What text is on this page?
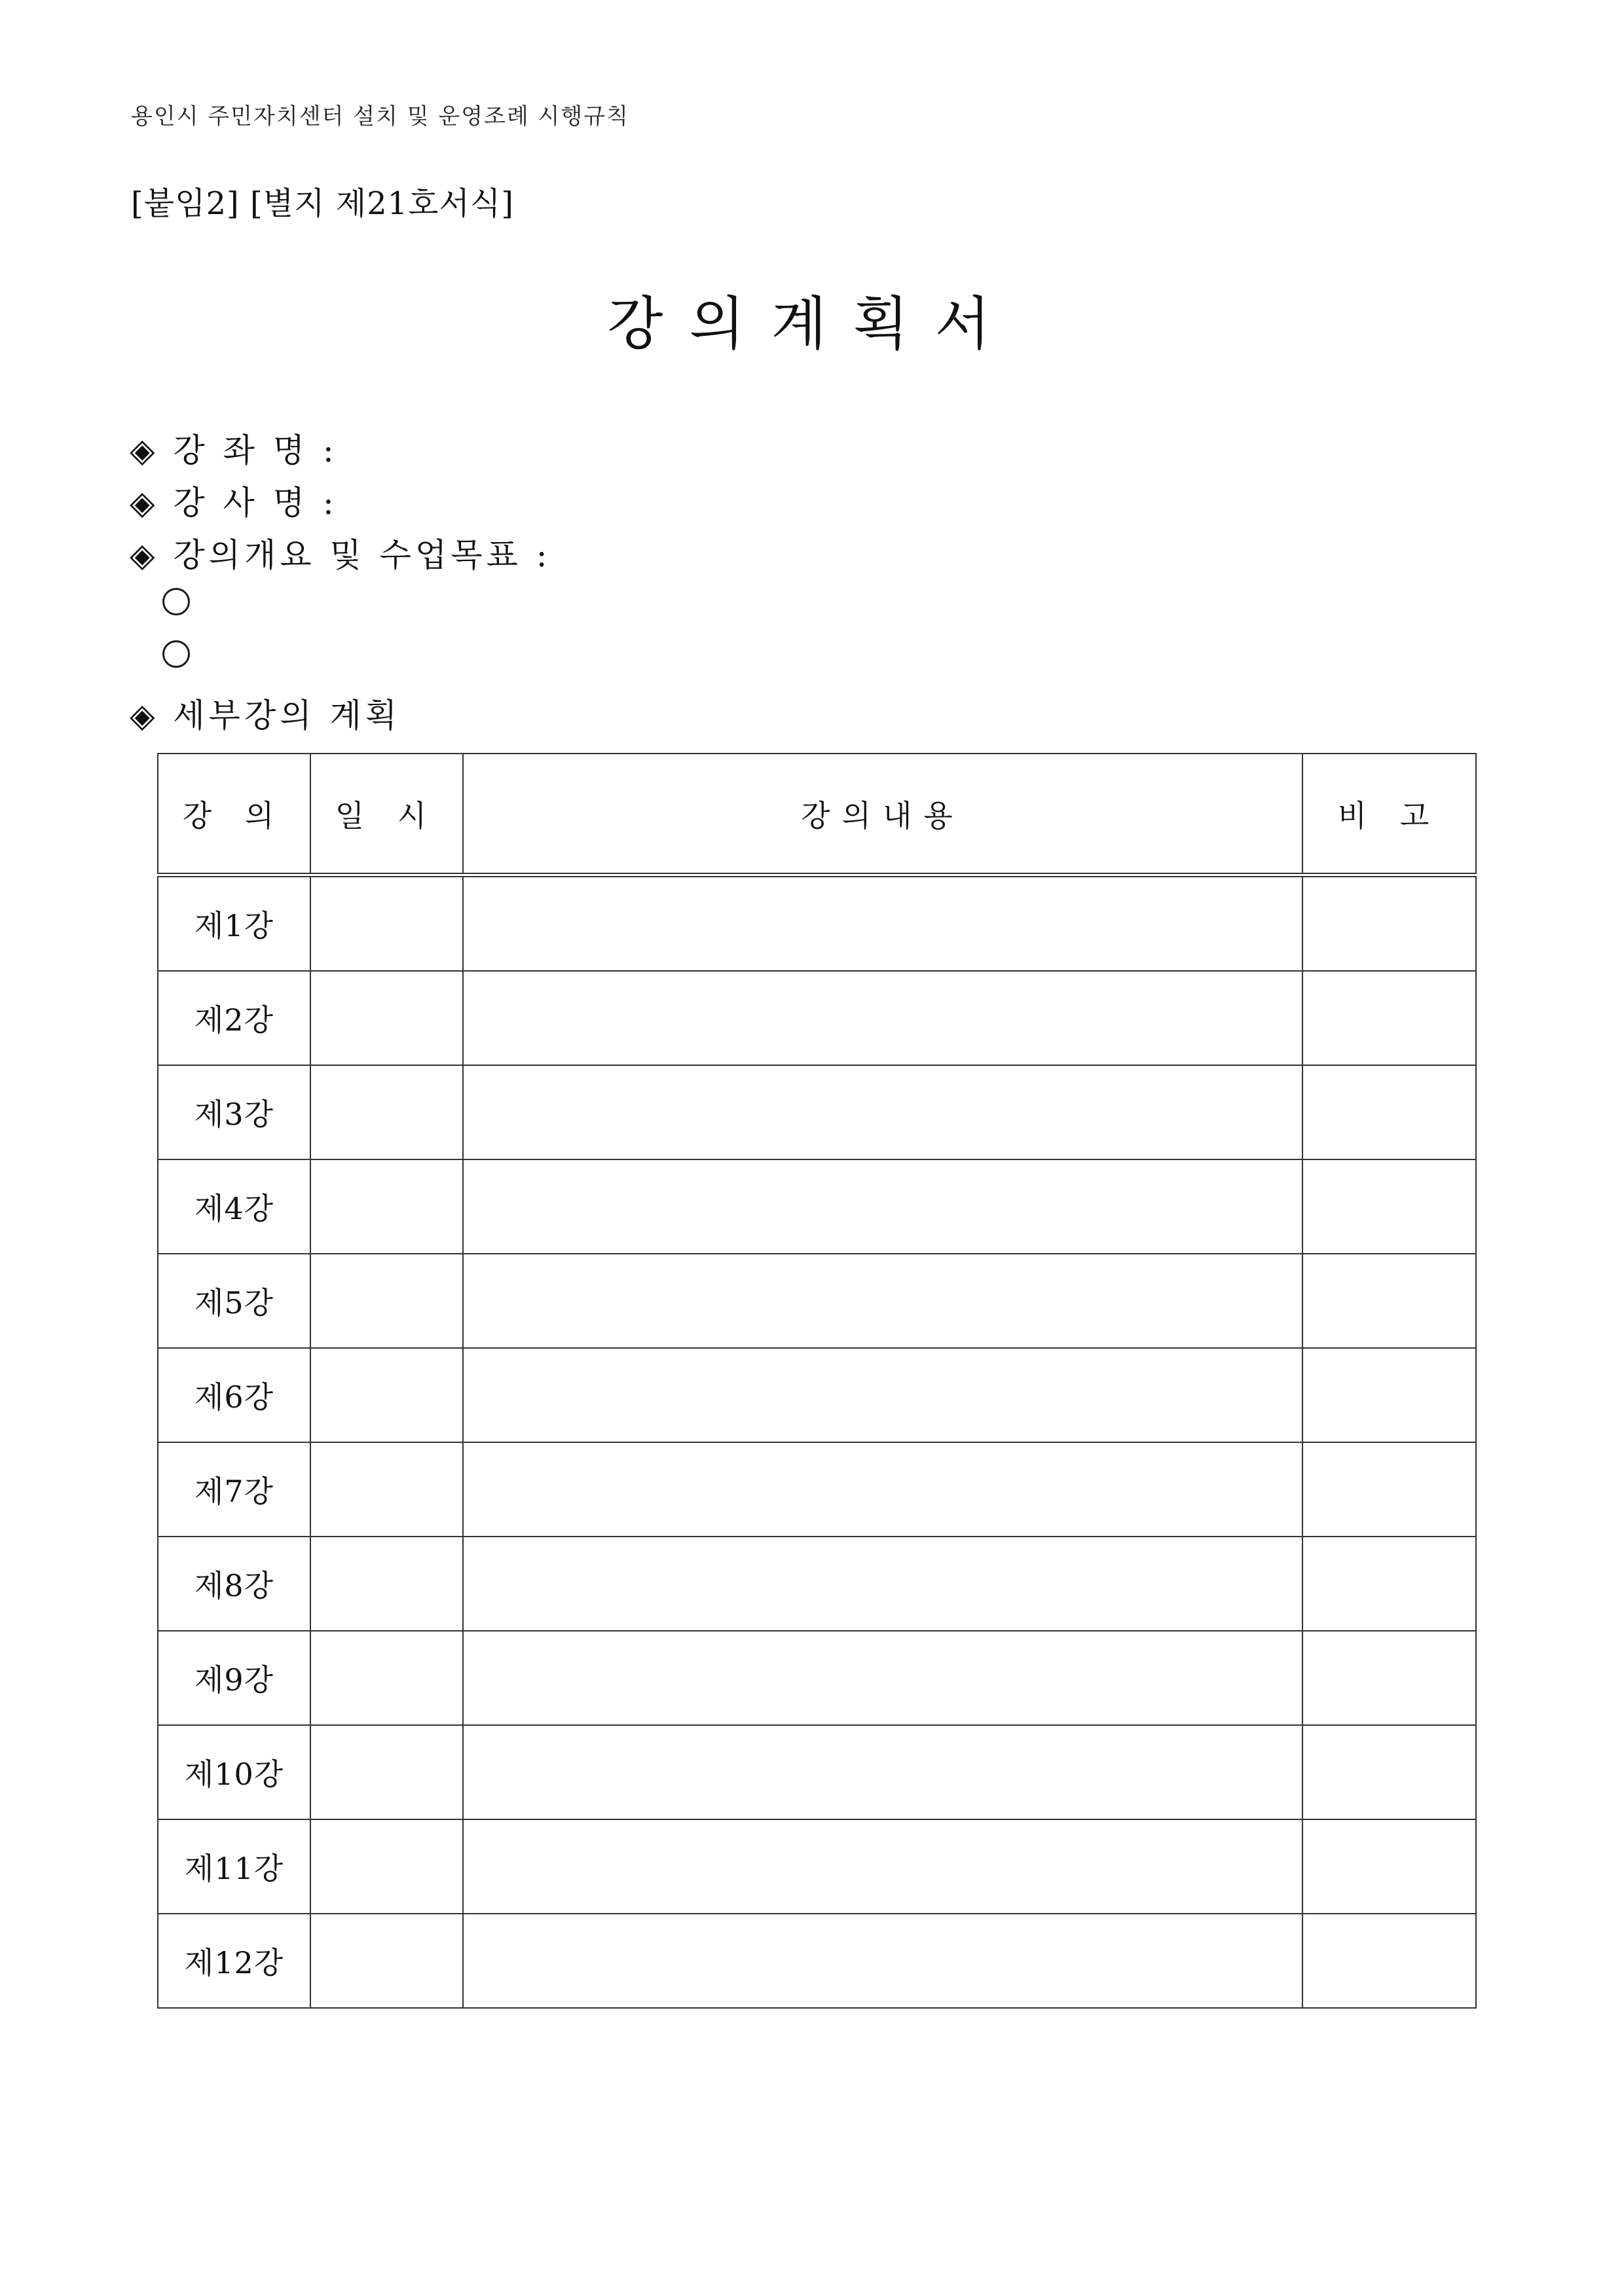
용인시 주민자치센터 설치 및 운영조례 시행규칙
[붙임2] [별지 제21호서식]
강의계획서
◈ 강 좌 명 :
◈ 강 사 명 :
◈ 강의개요 및 수업목표 :
◈ 세부강의 계획
강 의	일 시	강의내용	비 고
제1강			
제2강			
제3강			
제4강			
제5강			
제6강			
제7강			
제8강			
제9강			
제10강			
제11강			
제12강			
